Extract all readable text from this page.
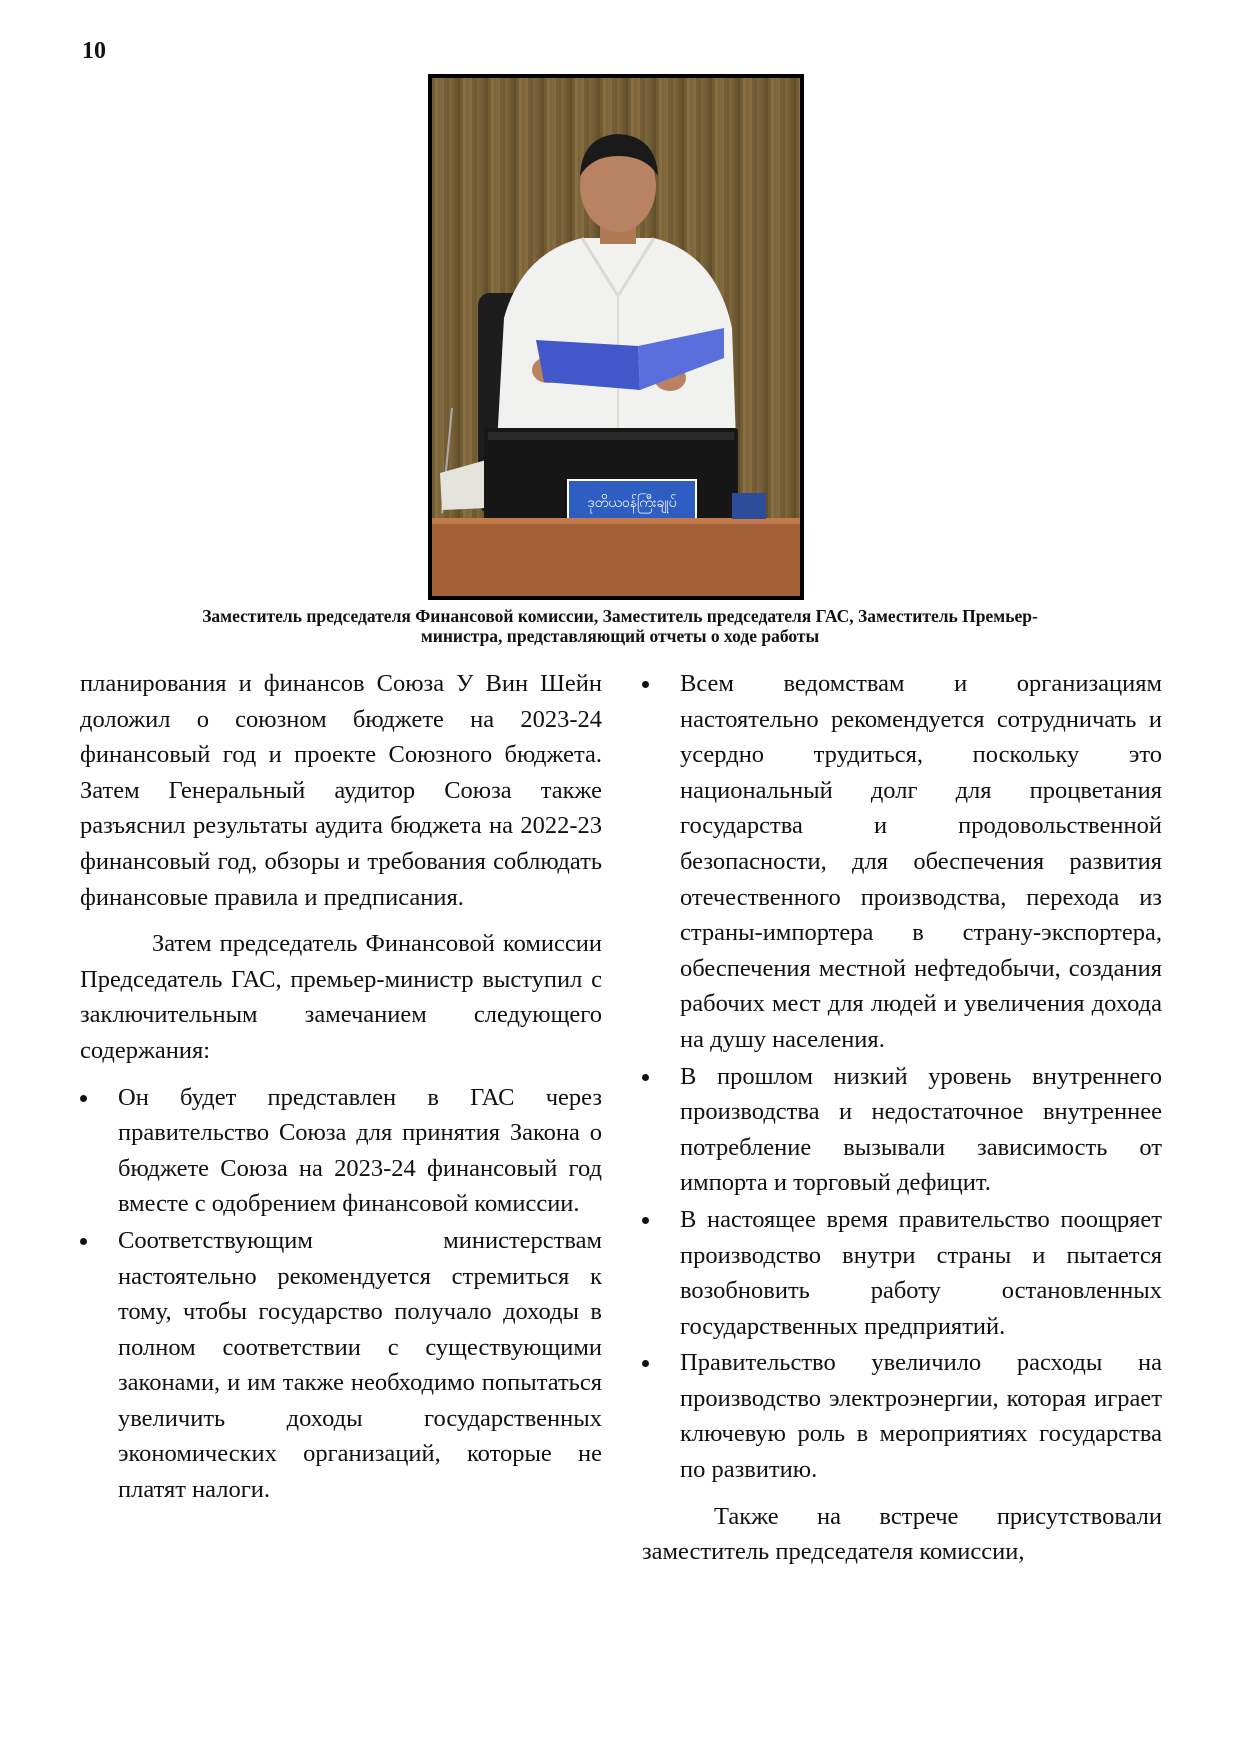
10
ဒုတိယဝန်ကြီးချုပ်
Заместитель председателя Финансовой комиссии, Заместитель председателя ГАС, Заместитель Премьер-
министра, представляющий отчеты о ходе работы

планирования и финансов Союза У Вин Шейн доложил о союзном бюджете на 2023-24 финансовый год и проекте Союзного бюджета. Затем Генеральный аудитор Союза также разъяснил результаты аудита бюджета на 2022-23 финансовый год, обзоры и требования соблюдать финансовые правила и предписания.

Затем председатель Финансовой комиссии Председатель ГАС, премьер-министр выступил с заключительным замечанием следующего содержания:

Он будет представлен в ГАС через правительство Союза для принятия Закона о бюджете Союза на 2023-24 финансовый год вместе с одобрением финансовой комиссии.
Соответствующим министерствам настоятельно рекомендуется стремиться к тому, чтобы государство получало доходы в полном соответствии с существующими законами, и им также необходимо попытаться увеличить доходы государственных экономических организаций, которые не платят налоги.
Всем ведомствам и организациям настоятельно рекомендуется сотрудничать и усердно трудиться, поскольку это национальный долг для процветания государства и продовольственной безопасности, для обеспечения развития отечественного производства, перехода из страны-импортера в страну-экспортера, обеспечения местной нефтедобычи, создания рабочих мест для людей и увеличения дохода на душу населения.
В прошлом низкий уровень внутреннего производства и недостаточное внутреннее потребление вызывали зависимость от импорта и торговый дефицит.
В настоящее время правительство поощряет производство внутри страны и пытается возобновить работу остановленных государственных предприятий.
Правительство увеличило расходы на производство электроэнергии, которая играет ключевую роль в мероприятиях государства по развитию.

Также на встрече присутствовали заместитель председателя комиссии,
